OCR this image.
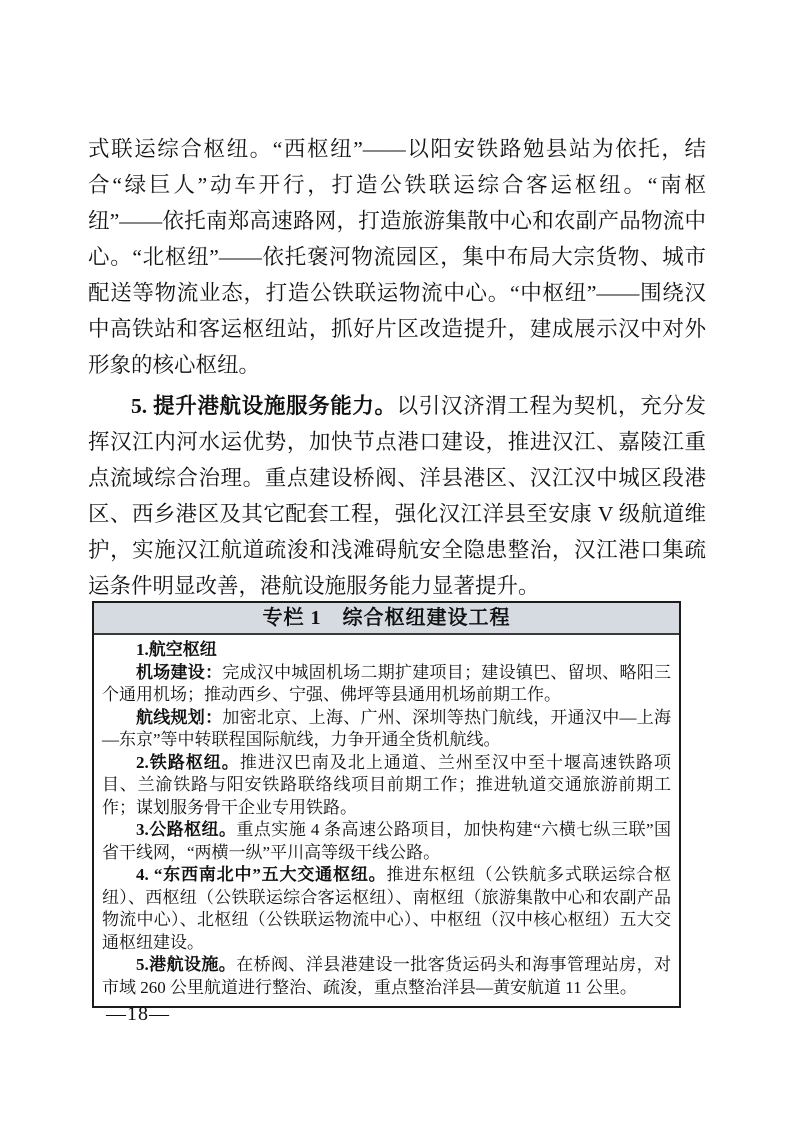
式联运综合枢纽。“西枢纽”——以阳安铁路勉县站为依托，结合“绿巨人”动车开行，打造公铁联运综合客运枢纽。“南枢纽”——依托南郑高速路网，打造旅游集散中心和农副产品物流中心。“北枢纽”——依托褒河物流园区，集中布局大宗货物、城市配送等物流业态，打造公铁联运物流中心。“中枢纽”——围绕汉中高铁站和客运枢纽站，抓好片区改造提升，建成展示汉中对外形象的核心枢纽。

5. 提升港航设施服务能力。以引汉济渭工程为契机，充分发挥汉江内河水运优势，加快节点港口建设，推进汉江、嘉陵江重点流域综合治理。重点建设桥阀、洋县港区、汉江汉中城区段港区、西乡港区及其它配套工程，强化汉江洋县至安康 V 级航道维护，实施汉江航道疏浚和浅滩碍航安全隐患整治，汉江港口集疏运条件明显改善，港航设施服务能力显著提升。

专栏 1　综合枢纽建设工程

1.航空枢纽

机场建设：完成汉中城固机场二期扩建项目；建设镇巴、留坝、略阳三个通用机场；推动西乡、宁强、佛坪等县通用机场前期工作。

航线规划：加密北京、上海、广州、深圳等热门航线，开通汉中—上海—东京”等中转联程国际航线，力争开通全货机航线。

2.铁路枢纽。推进汉巴南及北上通道、兰州至汉中至十堰高速铁路项目、兰渝铁路与阳安铁路联络线项目前期工作；推进轨道交通旅游前期工作；谋划服务骨干企业专用铁路。

3.公路枢纽。重点实施 4 条高速公路项目，加快构建“六横七纵三联”国省干线网，“两横一纵”平川高等级干线公路。

4. “东西南北中”五大交通枢纽。推进东枢纽（公铁航多式联运综合枢纽）、西枢纽（公铁联运综合客运枢纽）、南枢纽（旅游集散中心和农副产品物流中心）、北枢纽（公铁联运物流中心）、中枢纽（汉中核心枢纽）五大交通枢纽建设。

5.港航设施。在桥阀、洋县港建设一批客货运码头和海事管理站房，对市域 260 公里航道进行整治、疏浚，重点整治洋县—黄安航道 11 公里。

—18—
